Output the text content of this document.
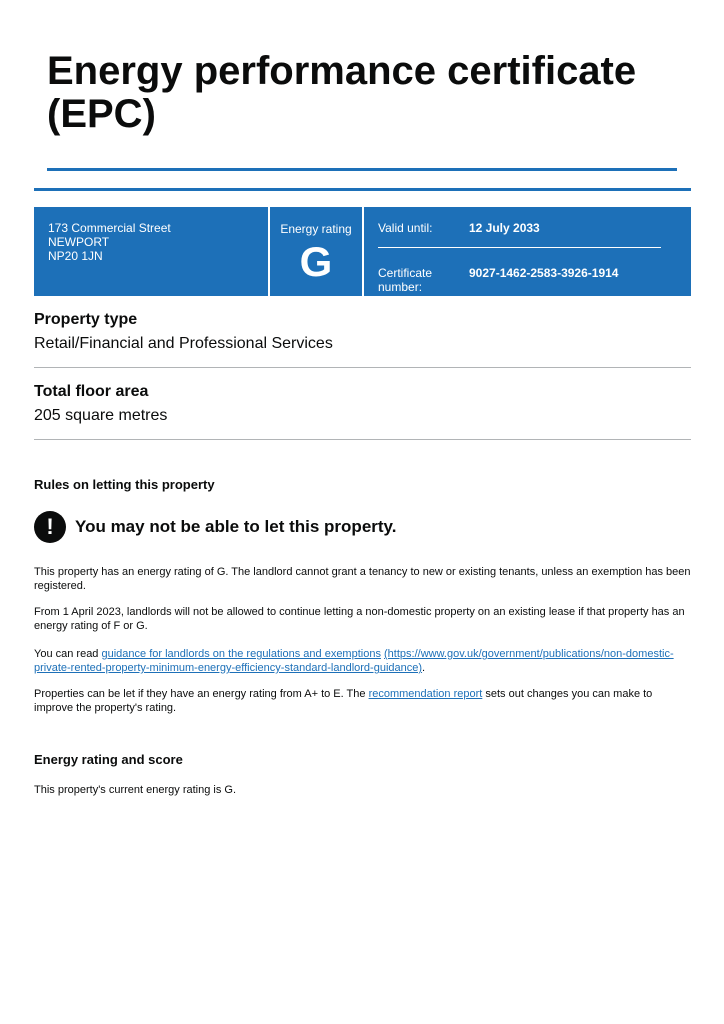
Energy performance certificate (EPC)
173 Commercial Street
NEWPORT
NP20 1JN
Energy rating
G
Valid until:	12 July 2033
Certificate
number:
9027-1462-2583-3926-1914
Property type
Retail/Financial and Professional Services
Total floor area
205 square metres
Rules on letting this property
!	You may not be able to let this property.

This property has an energy rating of G. The landlord cannot grant a tenancy to new or existing tenants, unless an exemption has been registered.

From 1 April 2023, landlords will not be allowed to continue letting a non-domestic property on an existing lease if that property has an energy rating of F or G.

You can read guidance for landlords on the regulations and exemptions (https://www.gov.uk/government/publications/non-domestic-private-rented-property-minimum-energy-efficiency-standard-landlord-guidance).

Properties can be let if they have an energy rating from A+ to E. The recommendation report sets out changes you can make to improve the property's rating.

Energy rating and score

This property's current energy rating is G.
